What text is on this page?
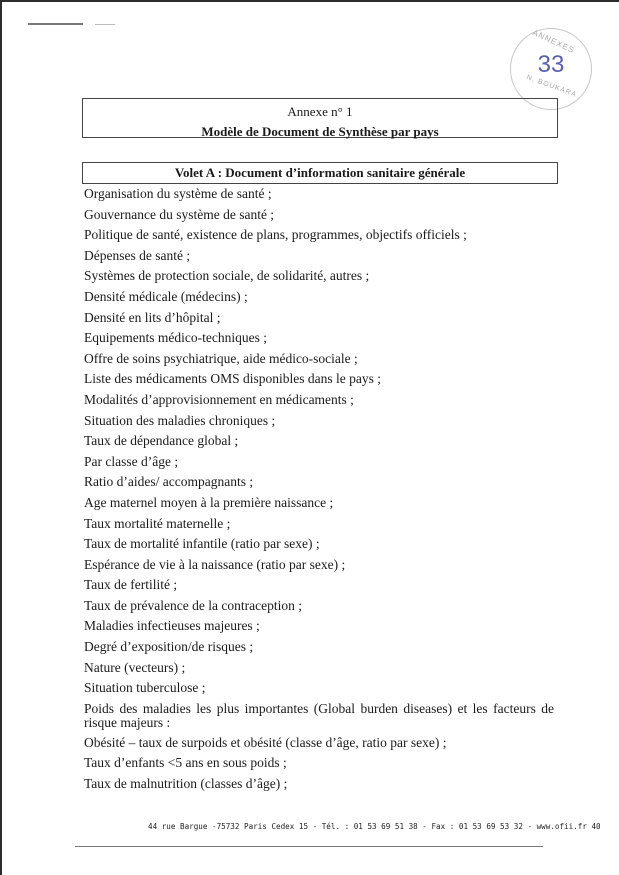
ANNEXES
33
N. BOUKARA
Annexe n° 1
Modèle de Document de Synthèse par pays
Volet A : Document d’information sanitaire générale
Organisation du système de santé ;
Gouvernance du système de santé ;
Politique de santé, existence de plans, programmes, objectifs officiels ;
Dépenses de santé ;
Systèmes de protection sociale, de solidarité, autres ;
Densité médicale (médecins) ;
Densité en lits d’hôpital ;
Equipements médico-techniques ;
Offre de soins psychiatrique, aide médico-sociale ;
Liste des médicaments OMS disponibles dans le pays ;
Modalités d’approvisionnement en médicaments ;
Situation des maladies chroniques ;
Taux de dépendance global ;
Par classe d’âge ;
Ratio d’aides/ accompagnants ;
Age maternel moyen à la première naissance ;
Taux mortalité maternelle ;
Taux de mortalité infantile (ratio par sexe) ;
Espérance de vie à la naissance (ratio par sexe) ;
Taux de fertilité ;
Taux de prévalence de la contraception ;
Maladies infectieuses majeures ;
Degré d’exposition/de risques ;
Nature (vecteurs) ;
Situation tuberculose ;
Poids des maladies les plus importantes (Global burden diseases) et les facteurs de risque majeurs :
Obésité – taux de surpoids et obésité (classe d’âge, ratio par sexe) ;
Taux d’enfants <5 ans en sous poids ;
Taux de malnutrition (classes d’âge) ;
44 rue Bargue -75732 Paris Cedex 15 - Tél. : 01 53 69 51 38 - Fax : 01 53 69 53 32 - www.ofii.fr 40
